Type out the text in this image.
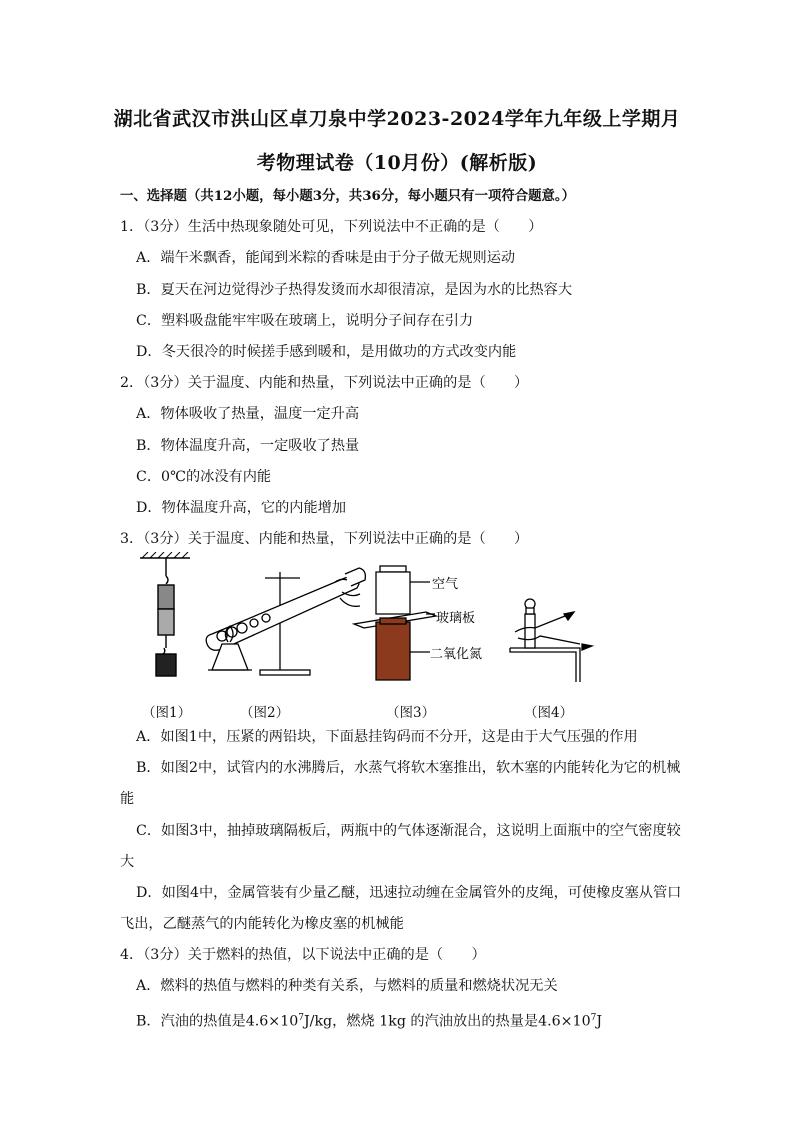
湖北省武汉市洪山区卓刀泉中学2023-2024学年九年级上学期月
考物理试卷（10月份）(解析版)
一、选择题（共12小题，每小题3分，共36分，每小题只有一项符合题意。）
1．（3分）生活中热现象随处可见，下列说法中不正确的是（　　）
A．端午米飘香，能闻到米粽的香味是由于分子做无规则运动
B．夏天在河边觉得沙子热得发烫而水却很清凉，是因为水的比热容大
C．塑料吸盘能牢牢吸在玻璃上，说明分子间存在引力
D．冬天很冷的时候搓手感到暖和，是用做功的方式改变内能
2．（3分）关于温度、内能和热量，下列说法中正确的是（　　）
A．物体吸收了热量，温度一定升高
B．物体温度升高，一定吸收了热量
C．0℃的冰没有内能
D．物体温度升高，它的内能增加
3．（3分）关于温度、内能和热量，下列说法中正确的是（　　）
空气
玻璃板
二氧化氮
（图1）	（图2）	（图3）	（图4）
A．如图1中，压紧的两铅块，下面悬挂钩码而不分开，这是由于大气压强的作用
B．如图2中，试管内的水沸腾后，水蒸气将软木塞推出，软木塞的内能转化为它的机械
能
C．如图3中，抽掉玻璃隔板后，两瓶中的气体逐渐混合，这说明上面瓶中的空气密度较
大
D．如图4中，金属管装有少量乙醚，迅速拉动缠在金属管外的皮绳，可使橡皮塞从管口
飞出，乙醚蒸气的内能转化为橡皮塞的机械能
4．（3分）关于燃料的热值，以下说法中正确的是（　　）
A．燃料的热值与燃料的种类有关系，与燃料的质量和燃烧状况无关
B．汽油的热值是$4.6\times 10^7J/kg$，燃烧 1kg 的汽油放出的热量是$4.6\times 10^7J$
